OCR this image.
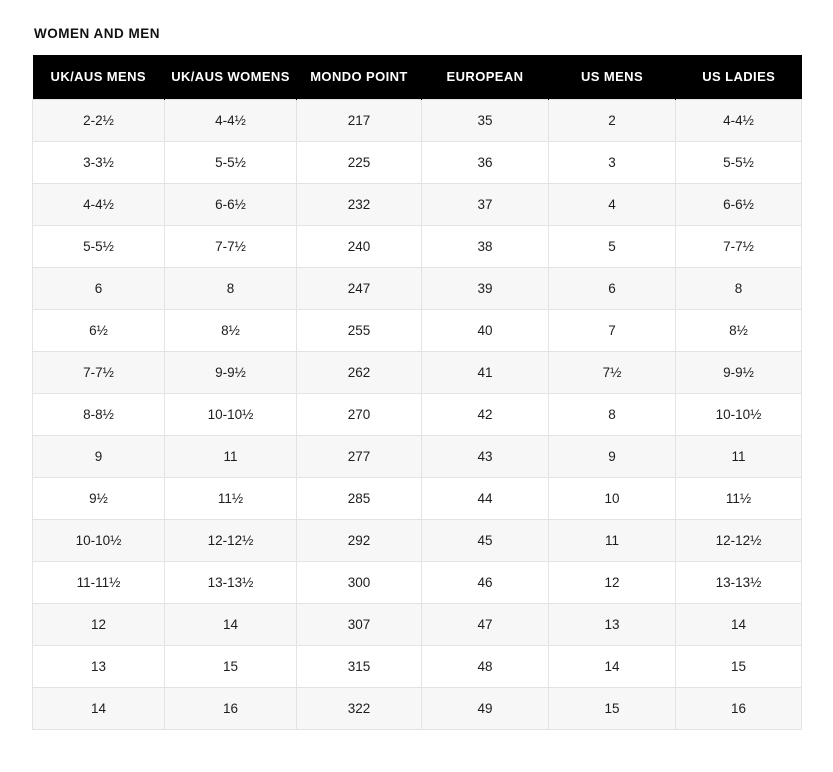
WOMEN AND MEN
UK/AUS MENS	UK/AUS WOMENS	MONDO POINT	EUROPEAN	US MENS	US LADIES
2-2½	4-4½	217	35	2	4-4½
3-3½	5-5½	225	36	3	5-5½
4-4½	6-6½	232	37	4	6-6½
5-5½	7-7½	240	38	5	7-7½
6	8	247	39	6	8
6½	8½	255	40	7	8½
7-7½	9-9½	262	41	7½	9-9½
8-8½	10-10½	270	42	8	10-10½
9	11	277	43	9	11
9½	11½	285	44	10	11½
10-10½	12-12½	292	45	11	12-12½
11-11½	13-13½	300	46	12	13-13½
12	14	307	47	13	14
13	15	315	48	14	15
14	16	322	49	15	16
